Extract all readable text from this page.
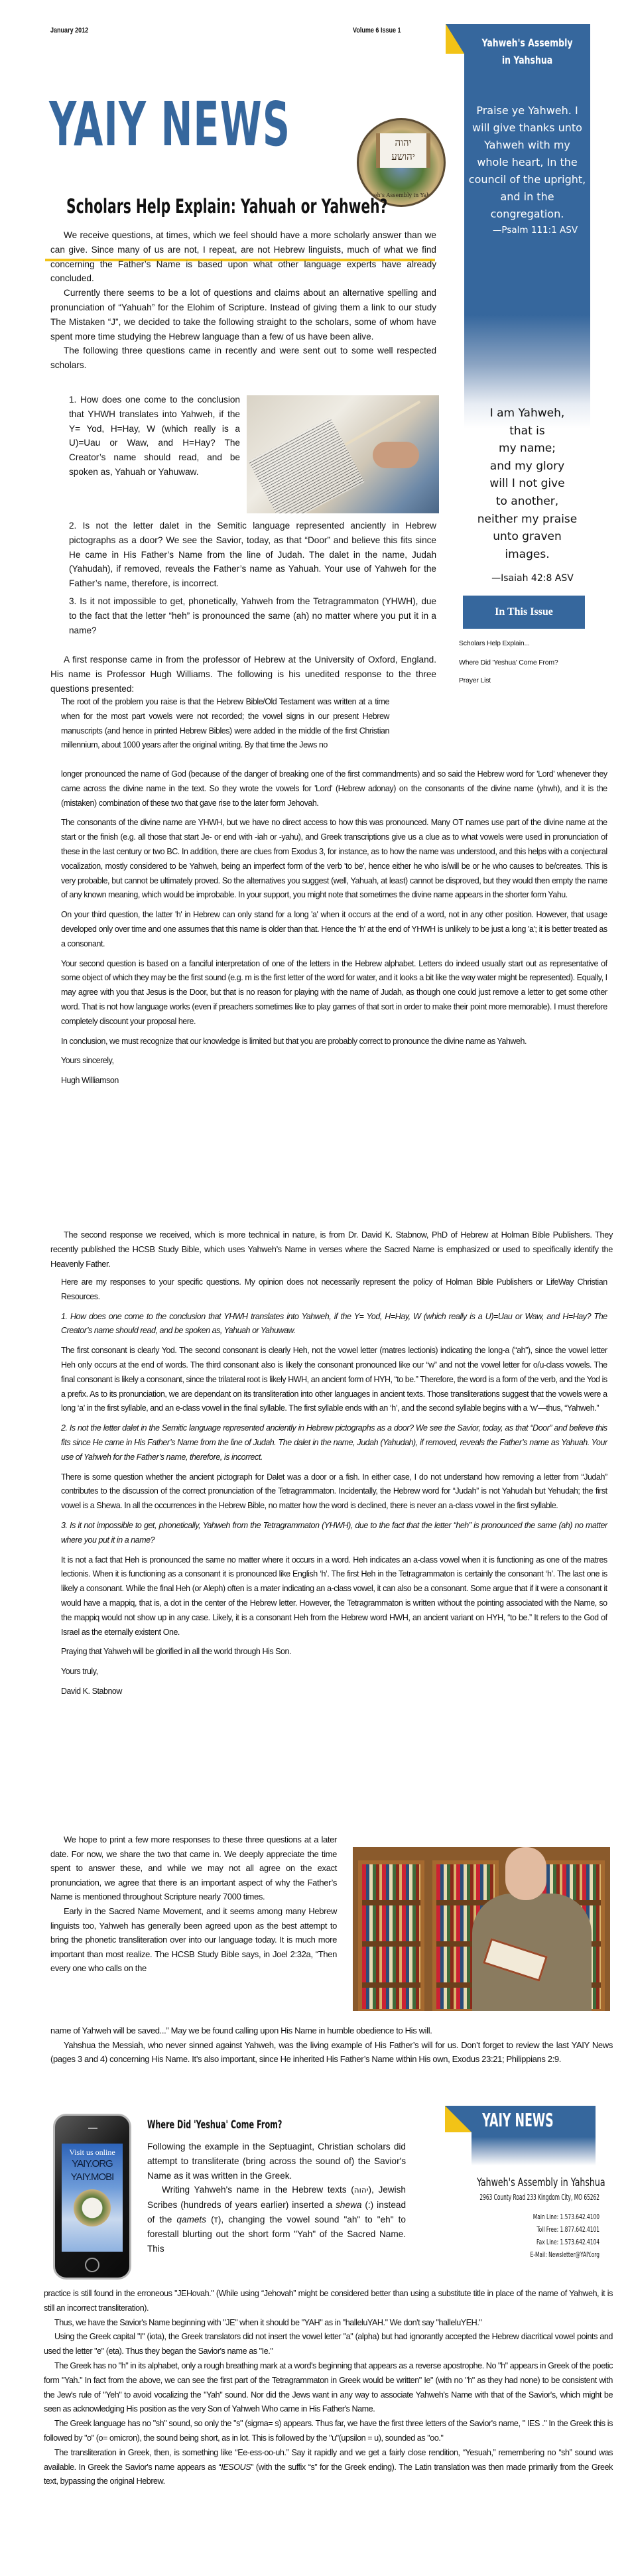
January 2012	Volume 6 Issue 1
YAIY NEWS	יהוה
יהושע
Yahweh's Assembly in Yahshua
Yahweh's Assembly
in Yahshua
Praise ye Yahweh. I will give thanks unto Yahweh with my whole heart, In the council of the upright, and in the congregation.
—Psalm 111:1 ASV
I am Yahweh,
that is
my name;
and my glory
will I not give
to another,
neither my praise
unto graven
images.
—Isaiah 42:8 ASV
In This Issue
Scholars Help Explain...
Where Did 'Yeshua' Come From?
Prayer List
Scholars Help Explain: Yahuah or Yahweh?

We receive questions, at times, which we feel should have a more scholarly answer than we can give. Since many of us are not, I repeat, are not Hebrew linguists, much of what we find concerning the Father’s Name is based upon what other language experts have already concluded.

Currently there seems to be a lot of questions and claims about an alternative spelling and pronunciation of “Yahuah” for the Elohim of Scripture. Instead of giving them a link to our study The Mistaken “J”, we decided to take the following straight to the scholars, some of whom have spent more time studying the Hebrew language than a few of us have been alive.

The following three questions came in recently and were sent out to some well respected scholars.

1. How does one come to the conclusion that YHWH translates into Yahweh, if the Y= Yod, H=Hay, W (which really is a U)=Uau or Waw, and H=Hay? The Creator’s name should read, and be spoken as, Yahuah or Yahuwaw.
2. Is not the letter dalet in the Semitic language represented anciently in Hebrew pictographs as a door? We see the Savior, today, as that “Door” and believe this fits since He came in His Father’s Name from the line of Judah. The dalet in the name, Judah (Yahudah), if removed, reveals the Father’s name as Yahuah. Your use of Yahweh for the Father’s name, therefore, is incorrect.
3. Is it not impossible to get, phonetically, Yahweh from the Tetragrammaton (YHWH), due to the fact that the letter “heh” is pronounced the same (ah) no matter where you put it in a name?

A first response came in from the professor of Hebrew at the University of Oxford, England. His name is Professor Hugh Williams. The following is his unedited response to the three questions presented:

The root of the problem you raise is that the Hebrew Bible/Old Testament was written at a time when for the most part vowels were not recorded; the vowel signs in our present Hebrew manuscripts (and hence in printed Hebrew Bibles) were added in the middle of the first Christian millennium, about 1000 years after the original writing. By that time the Jews no

longer pronounced the name of God (because of the danger of breaking one of the first commandments) and so said the Hebrew word for 'Lord' whenever they came across the divine name in the text. So they wrote the vowels for 'Lord' (Hebrew adonay) on the consonants of the divine name (yhwh), and it is the (mistaken) combination of these two that gave rise to the later form Jehovah.

The consonants of the divine name are YHWH, but we have no direct access to how this was pronounced. Many OT names use part of the divine name at the start or the finish (e.g. all those that start Je- or end with -iah or -yahu), and Greek transcriptions give us a clue as to what vowels were used in pronunciation of these in the last century or two BC. In addition, there are clues from Exodus 3, for instance, as to how the name was understood, and this helps with a conjectural vocalization, mostly considered to be Yahweh, being an imperfect form of the verb 'to be', hence either he who is/will be or he who causes to be/creates. This is very probable, but cannot be ultimately proved. So the alternatives you suggest (well, Yahuah, at least) cannot be disproved, but they would then empty the name of any known meaning, which would be improbable. In your support, you might note that sometimes the divine name appears in the shorter form Yahu.

On your third question, the latter 'h' in Hebrew can only stand for a long 'a' when it occurs at the end of a word, not in any other position. However, that usage developed only over time and one assumes that this name is older than that. Hence the 'h' at the end of YHWH is unlikely to be just a long 'a'; it is better treated as a consonant.

Your second question is based on a fanciful interpretation of one of the letters in the Hebrew alphabet. Letters do indeed usually start out as representative of some object of which they may be the first sound (e.g. m is the first letter of the word for water, and it looks a bit like the way water might be represented). Equally, I may agree with you that Jesus is the Door, but that is no reason for playing with the name of Judah, as though one could just remove a letter to get some other word. That is not how language works (even if preachers sometimes like to play games of that sort in order to make their point more memorable). I must therefore completely discount your proposal here.

In conclusion, we must recognize that our knowledge is limited but that you are probably correct to pronounce the divine name as Yahweh.

Yours sincerely,

Hugh Williamson

The second response we received, which is more technical in nature, is from Dr. David K. Stabnow, PhD of Hebrew at Holman Bible Publishers. They recently published the HCSB Study Bible, which uses Yahweh’s Name in verses where the Sacred Name is emphasized or used to specifically identify the Heavenly Father.

Here are my responses to your specific questions. My opinion does not necessarily represent the policy of Holman Bible Publishers or LifeWay Christian Resources.

1. How does one come to the conclusion that YHWH translates into Yahweh, if the Y= Yod, H=Hay, W (which really is a U)=Uau or Waw, and H=Hay? The Creator’s name should read, and be spoken as, Yahuah or Yahuwaw.

The first consonant is clearly Yod. The second consonant is clearly Heh, not the vowel letter (matres lectionis) indicating the long-a (“ah”), since the vowel letter Heh only occurs at the end of words. The third consonant also is likely the consonant pronounced like our “w” and not the vowel letter for o/u-class vowels. The final consonant is likely a consonant, since the trilateral root is likely HWH, an ancient form of HYH, “to be.” Therefore, the word is a form of the verb, and the Yod is a prefix. As to its pronunciation, we are dependant on its transliteration into other languages in ancient texts. Those transliterations suggest that the vowels were a long ‘a’ in the first syllable, and an e-class vowel in the final syllable. The first syllable ends with an ‘h’, and the second syllable begins with a ‘w’—thus, “Yahweh.”

2. Is not the letter dalet in the Semitic language represented anciently in Hebrew pictographs as a door? We see the Savior, today, as that “Door” and believe this fits since He came in His Father’s Name from the line of Judah. The dalet in the name, Judah (Yahudah), if removed, reveals the Father’s name as Yahuah. Your use of Yahweh for the Father’s name, therefore, is incorrect.

There is some question whether the ancient pictograph for Dalet was a door or a fish. In either case, I do not understand how removing a letter from “Judah” contributes to the discussion of the correct pronunciation of the Tetragrammaton. Incidentally, the Hebrew word for “Judah” is not Yahudah but Yehudah; the first vowel is a Shewa. In all the occurrences in the Hebrew Bible, no matter how the word is declined, there is never an a-class vowel in the first syllable.

3. Is it not impossible to get, phonetically, Yahweh from the Tetragrammaton (YHWH), due to the fact that the letter “heh” is pronounced the same (ah) no matter where you put it in a name?

It is not a fact that Heh is pronounced the same no matter where it occurs in a word. Heh indicates an a-class vowel when it is functioning as one of the matres lectionis. When it is functioning as a consonant it is pronounced like English ‘h’. The first Heh in the Tetragrammaton is certainly the consonant ‘h’. The last one is likely a consonant. While the final Heh (or Aleph) often is a mater indicating an a-class vowel, it can also be a consonant. Some argue that if it were a consonant it would have a mappiq, that is, a dot in the center of the Hebrew letter. However, the Tetragrammaton is written without the pointing associated with the Name, so the mappiq would not show up in any case. Likely, it is a consonant Heh from the Hebrew word HWH, an ancient variant on HYH, “to be.” It refers to the God of Israel as the eternally existent One.

Praying that Yahweh will be glorified in all the world through His Son.

Yours truly,

David K. Stabnow

We hope to print a few more responses to these three questions at a later date. For now, we share the two that came in. We deeply appreciate the time spent to answer these, and while we may not all agree on the exact pronunciation, we agree that there is an important aspect of why the Father’s Name is mentioned throughout Scripture nearly 7000 times.

Early in the Sacred Name Movement, and it seems among many Hebrew linguists too, Yahweh has generally been agreed upon as the best attempt to bring the phonetic transliteration over into our language today. It is much more important than most realize. The HCSB Study Bible says, in Joel 2:32a, “Then every one who calls on the

name of Yahweh will be saved...” May we be found calling upon His Name in humble obedience to His will.

Yahshua the Messiah, who never sinned against Yahweh, was the living example of His Father’s will for us. Don’t forget to review the last YAIY News (pages 3 and 4) concerning His Name. It’s also important, since He inherited His Father’s Name within His own, Exodus 23:21; Philippians 2:9.

Visit us online
YAIY.ORG
YAIY.MOBI
Where Did 'Yeshua' Come From?

Following the example in the Septuagint, Christian scholars did attempt to transliterate (bring across the sound of) the Savior's Name as it was written in the Greek.

Writing Yahweh's name in the Hebrew texts (יהוה), Jewish Scribes (hundreds of years earlier) inserted a shewa (:) instead of the qamets (т), changing the vowel sound "ah" to "eh" to forestall blurting out the short form "Yah" of the Sacred Name. This

YAIY NEWS
Yahweh's Assembly in Yahshua
2963 County Road 233 Kingdom City, MO 65262
Main Line: 1.573.642.4100
Toll Free: 1.877.642.4101
Fax Line: 1.573.642.4104
E-Mail: Newsletter@YAIY.org

practice is still found in the erroneous "JEHovah." (While using “Jehovah” might be considered better than using a substitute title in place of the name of Yahweh, it is still an incorrect transliteration).

Thus, we have the Savior's Name beginning with "JE" when it should be "YAH" as in "halleluYAH." We don't say "halleluYEH."

Using the Greek capital "I" (iota), the Greek translators did not insert the vowel letter "a" (alpha) but had ignorantly accepted the Hebrew diacritical vowel points and used the letter "e" (eta). Thus they began the Savior's name as "Ie."

The Greek has no "h" in its alphabet, only a rough breathing mark at a word's beginning that appears as a reverse apostrophe. No "h" appears in Greek of the poetic form "Yah." In fact from the above, we can see the first part of the Tetragrammaton in Greek would be written" Ie" (with no "h" as they had none) to be consistent with the Jew's rule of "Yeh" to avoid vocalizing the "Yah" sound. Nor did the Jews want in any way to associate Yahweh's Name with that of the Savior's, which might be seen as acknowledging His position as the very Son of Yahweh Who came in His Father's Name.

The Greek language has no "sh" sound, so only the "s" (sigma= s) appears. Thus far, we have the first three letters of the Savior's name, " IES ." In the Greek this is followed by "o" (o= omicron), the sound being short, as in lot. This is followed by the "u"(upsilon = u), sounded as "oo."

The transliteration in Greek, then, is something like “Ee-ess-oo-uh.” Say it rapidly and we get a fairly close rendition, “Yesuah,” remembering no “sh” sound was available. In Greek the Savior's name appears as “IESOUS” (with the suffix “s” for the Greek ending). The Latin translation was then made primarily from the Greek text, bypassing the original Hebrew.
